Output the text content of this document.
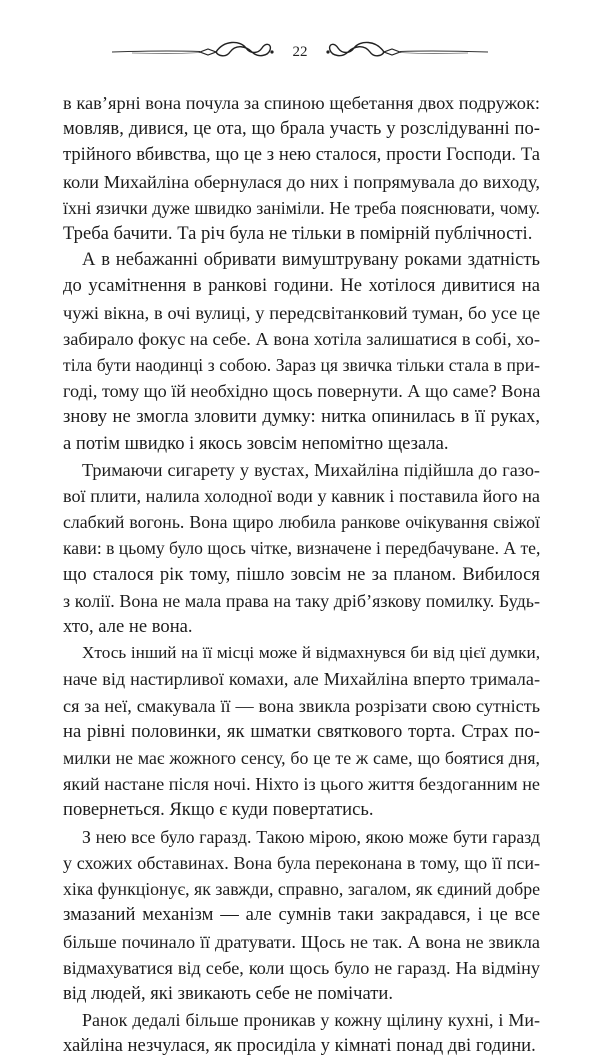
22

в кав’ярні вона почула за спиною щебетання двох подружок:
мовляв, дивися, це ота, що брала участь у розслідуванні по-
трійного вбивства, що це з нею сталося, прости Господи. Та
коли Михайліна обернулася до них і попрямувала до виходу,
їхні язички дуже швидко заніміли. Не треба пояснювати, чому.
Треба бачити. Та річ була не тільки в помірній публічності.

А в небажанні обривати вимуштрувану роками здатність
до усамітнення в ранкові години. Не хотілося дивитися на
чужі вікна, в очі вулиці, у передсвітанковий туман, бо усе це
забирало фокус на себе. А вона хотіла залишатися в собі, хо-
тіла бути наодинці з собою. Зараз ця звичка тільки стала в при-
годі, тому що їй необхідно щось повернути. А що саме? Вона
знову не змогла зловити думку: нитка опинилась в її руках,
а потім швидко і якось зовсім непомітно щезала.

Тримаючи сигарету у вустах, Михайліна підійшла до газо-
вої плити, налила холодної води у кавник і поставила його на
слабкий вогонь. Вона щиро любила ранкове очікування свіжої
кави: в цьому було щось чітке, визначене і передбачуване. А те,
що сталося рік тому, пішло зовсім не за планом. Вибилося
з колії. Вона не мала права на таку дріб’язкову помилку. Будь-
хто, але не вона.

Хтось інший на її місці може й відмахнувся би від цієї думки,
наче від настирливої комахи, але Михайліна вперто тримала-
ся за неї, смакувала її — вона звикла розрізати свою сутність
на рівні половинки, як шматки святкового торта. Страх по-
милки не має жожного сенсу, бо це те ж саме, що боятися дня,
який настане після ночі. Ніхто із цього життя бездоганним не
повернеться. Якщо є куди повертатись.

З нею все було гаразд. Такою мірою, якою може бути гаразд
у схожих обставинах. Вона була переконана в тому, що її пси-
хіка функціонує, як завжди, справно, загалом, як єдиний добре
змазаний механізм — але сумнів таки закрадався, і це все
більше починало її дратувати. Щось не так. А вона не звикла
відмахуватися від себе, коли щось було не гаразд. На відміну
від людей, які звикають себе не помічати.

Ранок дедалі більше проникав у кожну щілину кухні, і Ми-
хайліна незчулася, як просиділа у кімнаті понад дві години.
